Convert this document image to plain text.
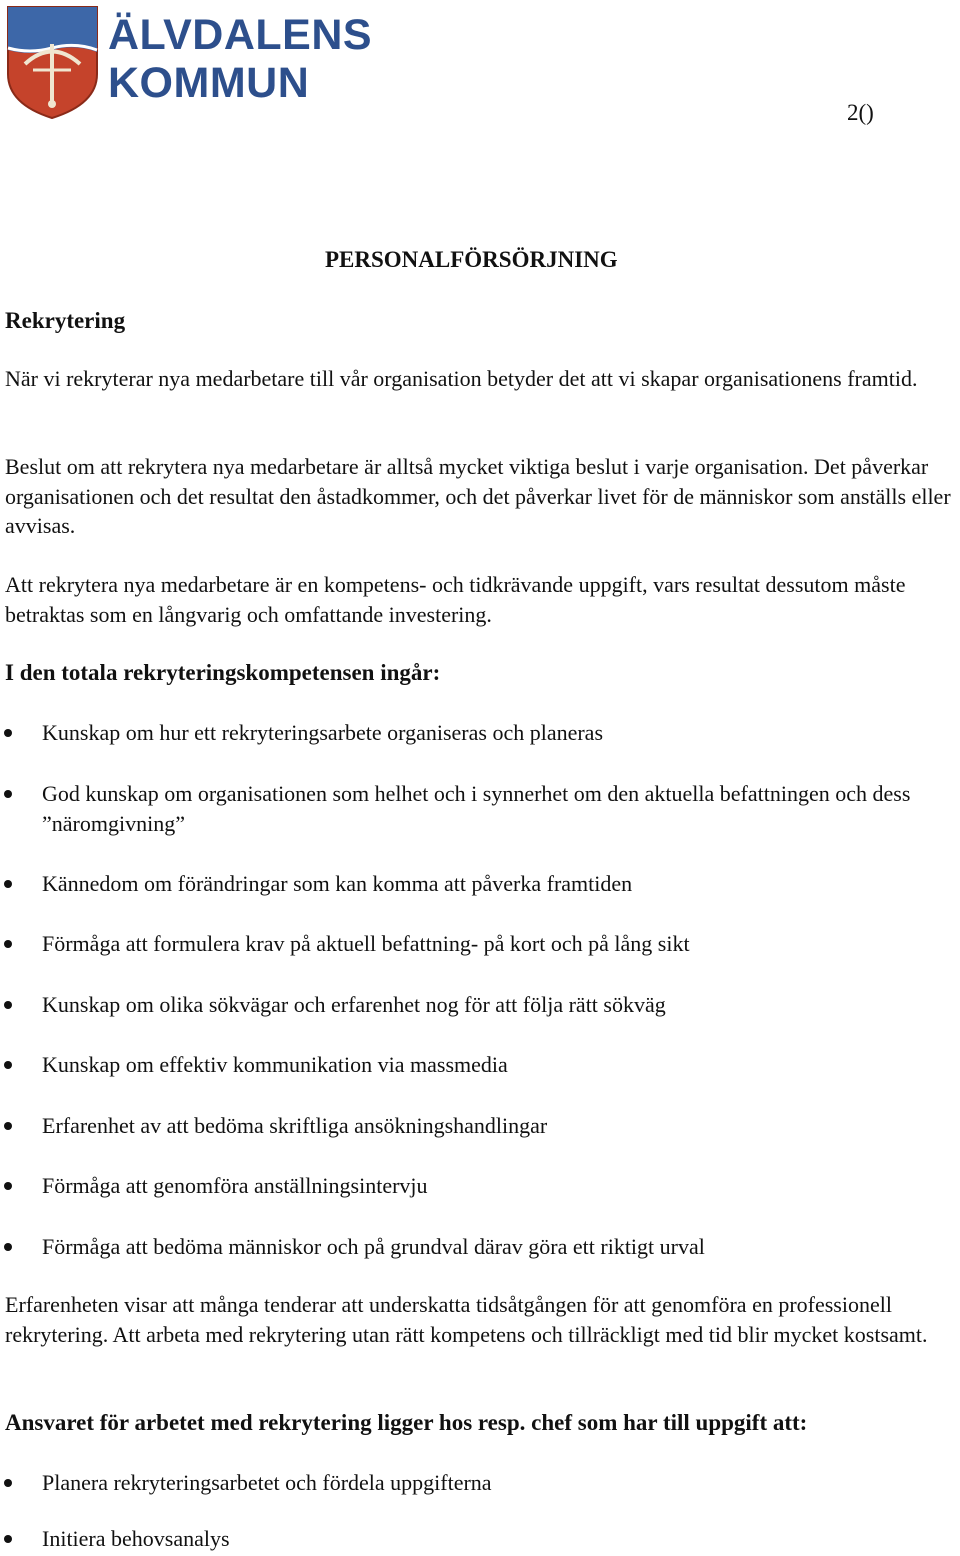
ÄLVDALENS
KOMMUN
2()
PERSONALFÖRSÖRJNING
Rekrytering

När vi rekryterar nya medarbetare till vår organisation betyder det att vi skapar organisationens framtid.

Beslut om att rekrytera nya medarbetare är alltså mycket viktiga beslut i varje organisation. Det påverkar organisationen och det resultat den åstadkommer, och det påverkar livet för de människor som anställs eller avvisas.

Att rekrytera nya medarbetare är en kompetens- och tidkrävande uppgift, vars resultat dessutom måste betraktas som en långvarig och omfattande investering.

I den totala rekryteringskompetensen ingår:
Kunskap om hur ett rekryteringsarbete organiseras och planeras
God kunskap om organisationen som helhet och i synnerhet om den aktuella befattningen och dess ”näromgivning”
Kännedom om förändringar som kan komma att påverka framtiden
Förmåga att formulera krav på aktuell befattning- på kort och på lång sikt
Kunskap om olika sökvägar och erfarenhet nog för att följa rätt sökväg
Kunskap om effektiv kommunikation via massmedia
Erfarenhet av att bedöma skriftliga ansökningshandlingar
Förmåga att genomföra anställningsintervju
Förmåga att bedöma människor och på grundval därav göra ett riktigt urval

Erfarenheten visar att många tenderar att underskatta tidsåtgången för att genomföra en professionell rekrytering. Att arbeta med rekrytering utan rätt kompetens och tillräckligt med tid blir mycket kostsamt.

Ansvaret för arbetet med rekrytering ligger hos resp. chef som har till uppgift att:
Planera rekryteringsarbetet och fördela uppgifterna
Initiera behovsanalys
